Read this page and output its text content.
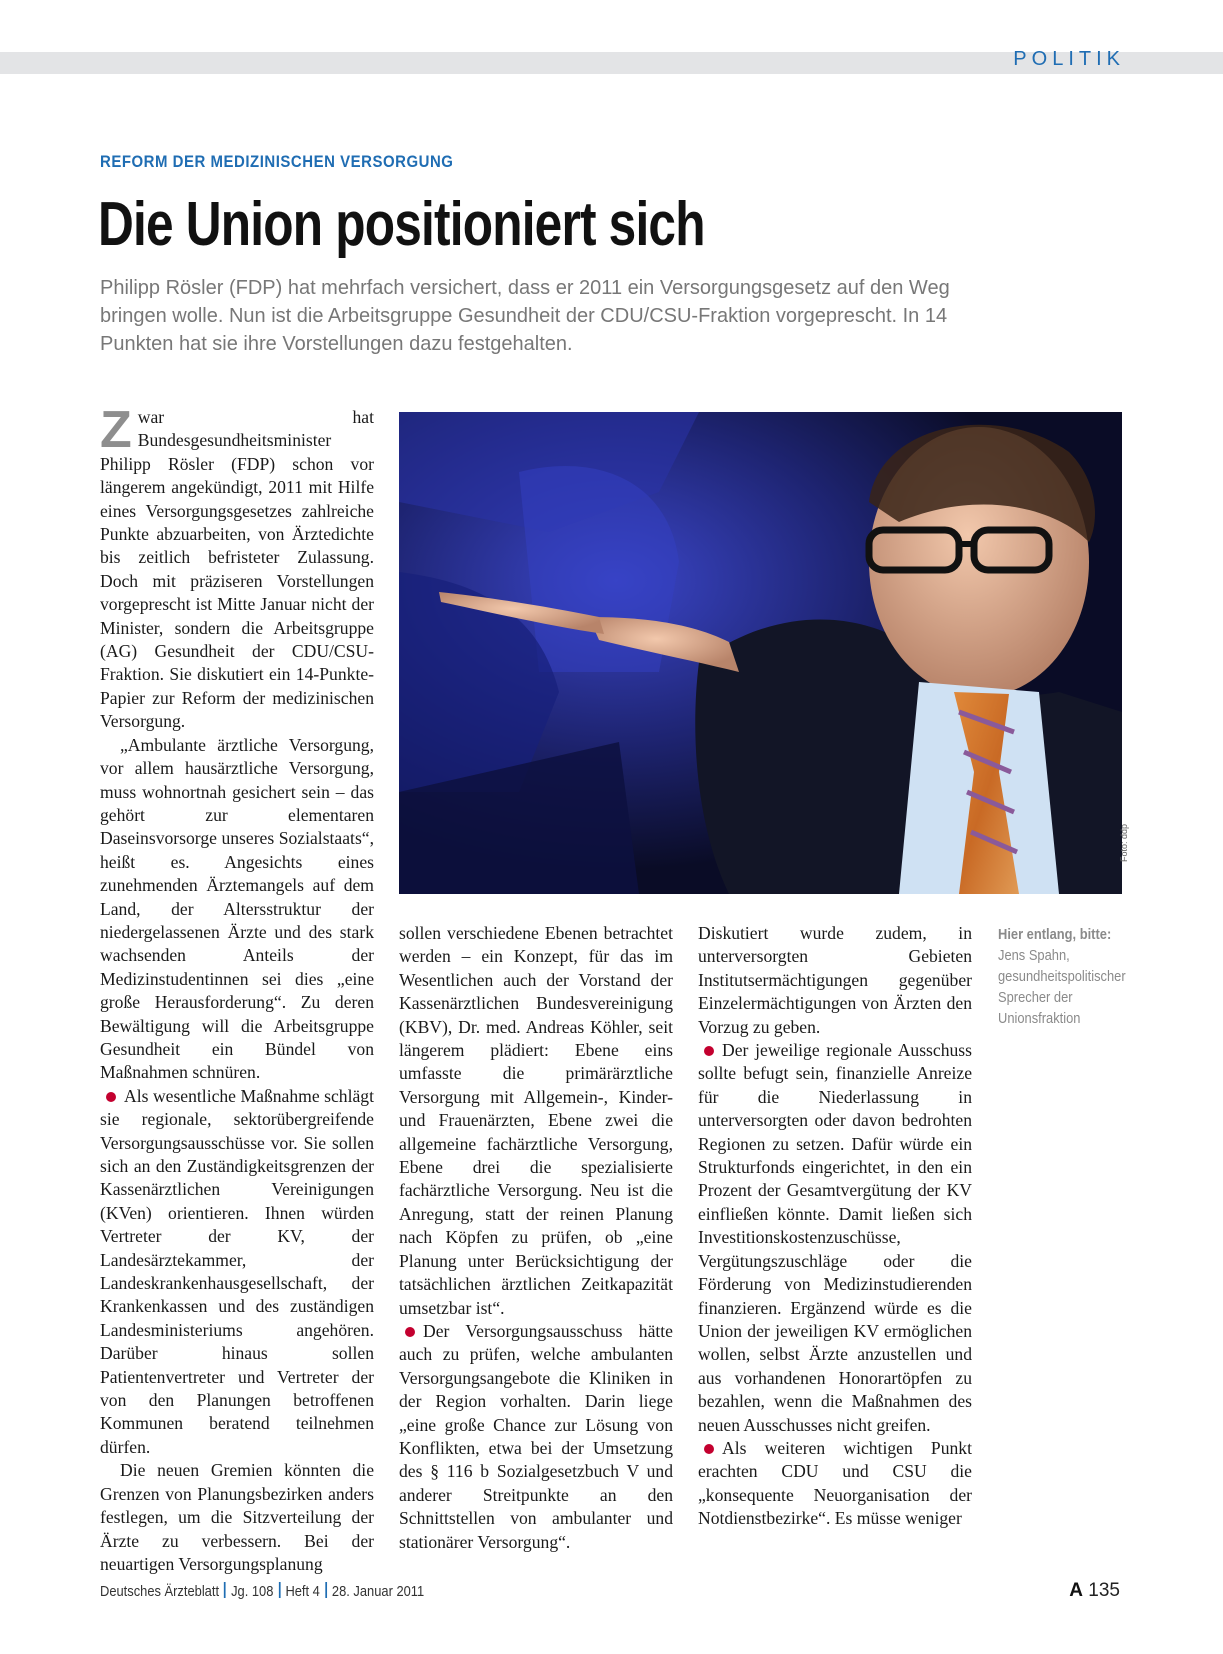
POLITIK
REFORM DER MEDIZINISCHEN VERSORGUNG
Die Union positioniert sich
Philipp Rösler (FDP) hat mehrfach versichert, dass er 2011 ein Versorgungsgesetz auf den Weg bringen wolle. Nun ist die Arbeitsgruppe Gesundheit der CDU/CSU-Fraktion vorgeprescht. In 14 Punkten hat sie ihre Vorstellungen dazu festgehalten.

Zwar hat Bundesgesundheitsminister Philipp Rösler (FDP) schon vor längerem angekündigt, 2011 mit Hilfe eines Versorgungsgesetzes zahlreiche Punkte abzuarbeiten, von Ärztedichte bis zeitlich befristeter Zulassung. Doch mit präziseren Vorstellungen vorgeprescht ist Mitte Januar nicht der Minister, sondern die Arbeitsgruppe (AG) Gesundheit der CDU/CSU-Fraktion. Sie diskutiert ein 14-Punkte-Papier zur Reform der medizinischen Versorgung.

„Ambulante ärztliche Versorgung, vor allem hausärztliche Versorgung, muss wohnortnah gesichert sein – das gehört zur elementaren Daseinsvorsorge unseres Sozialstaats“, heißt es. Angesichts eines zunehmenden Ärztemangels auf dem Land, der Altersstruktur der niedergelassenen Ärzte und des stark wachsenden Anteils der Medizinstudentinnen sei dies „eine große Herausforderung“. Zu deren Bewältigung will die Arbeitsgruppe Gesundheit ein Bündel von Maßnahmen schnüren.

Als wesentliche Maßnahme schlägt sie regionale, sektorübergreifende Versorgungsausschüsse vor. Sie sollen sich an den Zuständigkeitsgrenzen der Kassenärztlichen Vereinigungen (KVen) orientieren. Ihnen würden Vertreter der KV, der Landesärztekammer, der Landeskrankenhausgesellschaft, der Krankenkassen und des zuständigen Landesministeriums angehören. Darüber hinaus sollen Patientenvertreter und Vertreter der von den Planungen betroffenen Kommunen beratend teilnehmen dürfen.

Die neuen Gremien könnten die Grenzen von Planungsbezirken anders festlegen, um die Sitzverteilung der Ärzte zu verbessern. Bei der neuartigen Versorgungsplanung

Foto: ddp

sollen verschiedene Ebenen betrachtet werden – ein Konzept, für das im Wesentlichen auch der Vorstand der Kassenärztlichen Bundesvereinigung (KBV), Dr. med. Andreas Köhler, seit längerem plädiert: Ebene eins umfasste die primärärztliche Versorgung mit Allgemein-, Kinder- und Frauenärzten, Ebene zwei die allgemeine fachärztliche Versorgung, Ebene drei die spezialisierte fachärztliche Versorgung. Neu ist die Anregung, statt der reinen Planung nach Köpfen zu prüfen, ob „eine Planung unter Berücksichtigung der tatsächlichen ärztlichen Zeitkapazität umsetzbar ist“.

Der Versorgungsausschuss hätte auch zu prüfen, welche ambulanten Versorgungsangebote die Kliniken in der Region vorhalten. Darin liege „eine große Chance zur Lösung von Konflikten, etwa bei der Umsetzung des § 116 b Sozialgesetzbuch V und anderer Streitpunkte an den Schnittstellen von ambulanter und stationärer Versorgung“.

Diskutiert wurde zudem, in unterversorgten Gebieten Institutsermächtigungen gegenüber Einzelermächtigungen von Ärzten den Vorzug zu geben.

Der jeweilige regionale Ausschuss sollte befugt sein, finanzielle Anreize für die Niederlassung in unterversorgten oder davon bedrohten Regionen zu setzen. Dafür würde ein Strukturfonds eingerichtet, in den ein Prozent der Gesamtvergütung der KV einfließen könnte. Damit ließen sich Investitionskostenzuschüsse, Vergütungszuschläge oder die Förderung von Medizinstudierenden finanzieren. Ergänzend würde es die Union der jeweiligen KV ermöglichen wollen, selbst Ärzte anzustellen und aus vorhandenen Honorartöpfen zu bezahlen, wenn die Maßnahmen des neuen Ausschusses nicht greifen.

Als weiteren wichtigen Punkt erachten CDU und CSU die „konsequente Neuorganisation der Notdienstbezirke“. Es müsse weniger

Hier entlang, bitte: Jens Spahn, gesundheitspolitischer Sprecher der Unionsfraktion
Deutsches Ärzteblatt Jg. 108 Heft 4 28. Januar 2011	A 135
